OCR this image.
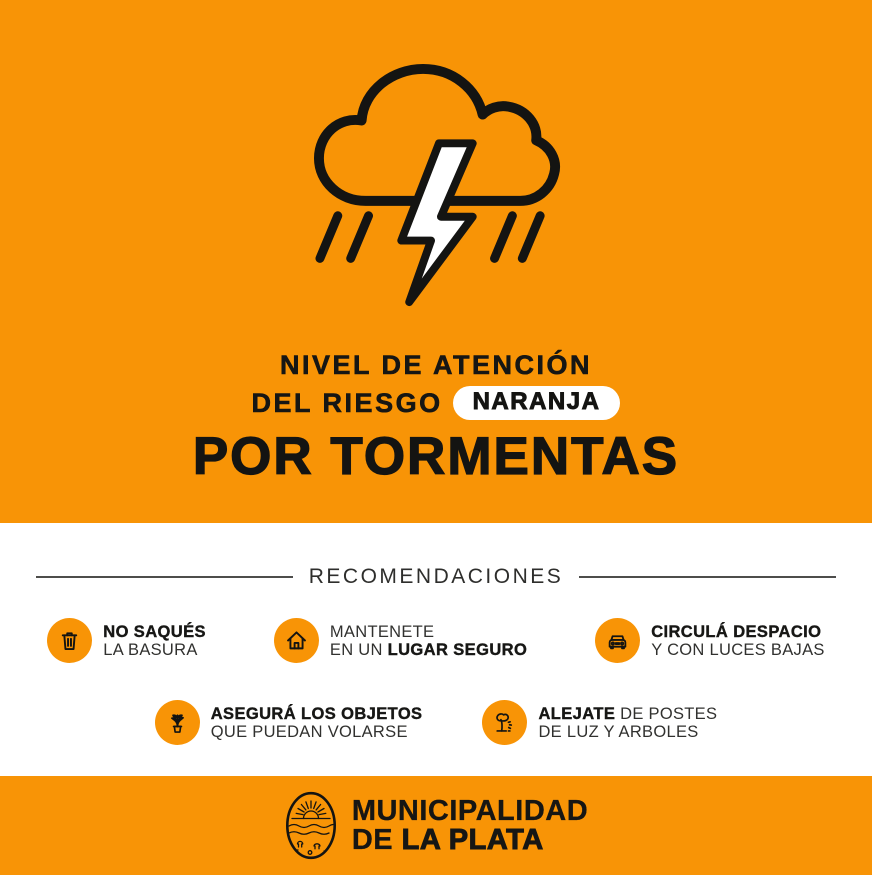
NIVEL DE ATENCIÓN
DEL RIESGO	NARANJA
POR TORMENTAS
RECOMENDACIONES
NO SAQUÉS
LA BASURA
MANTENETE
EN UN LUGAR SEGURO
CIRCULÁ DESPACIO
Y CON LUCES BAJAS
ASEGURÁ LOS OBJETOS
QUE PUEDAN VOLARSE
ALEJATE DE POSTES
DE LUZ Y ARBOLES
MUNICIPALIDAD
DE LA PLATA
